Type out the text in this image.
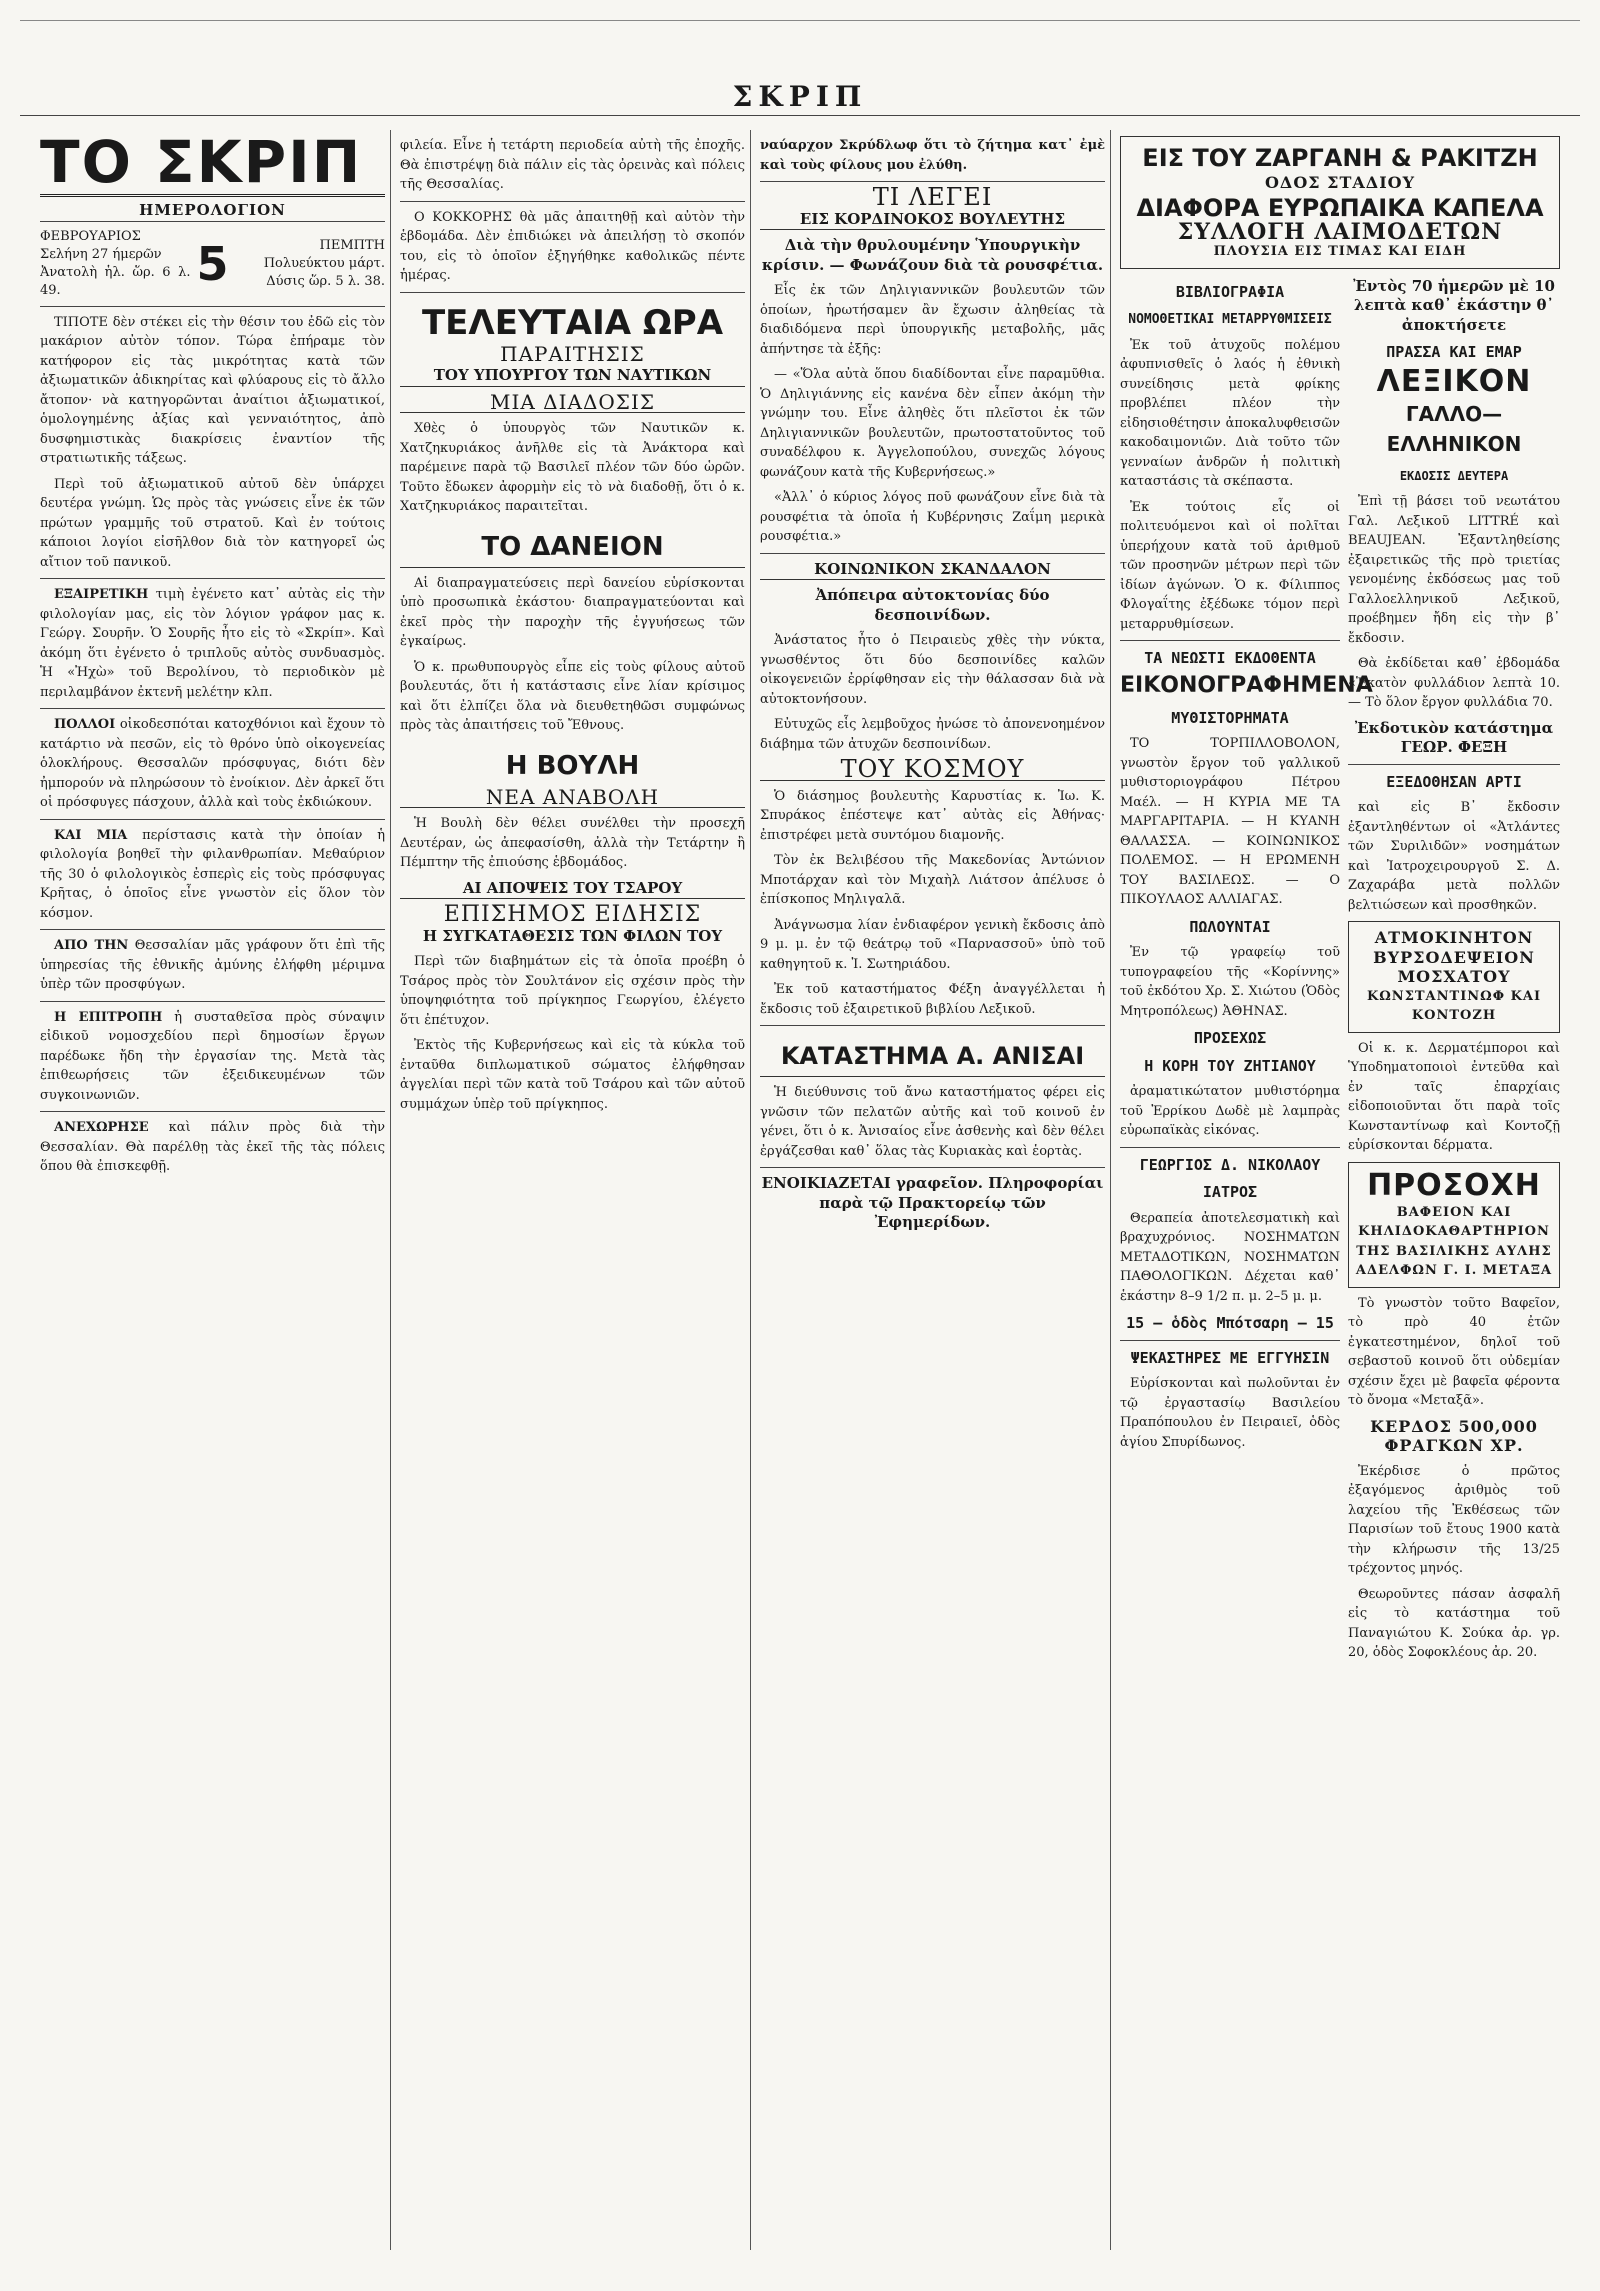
ΣΚΡΙΠ
ΤΟ ΣΚΡΙΠ
ΗΜΕΡΟΛΟΓΙΟΝ
ΦΕΒΡΟΥΑΡΙΟΣ
Σελήνη 27 ήμερῶν
Ἀνατολὴ ἡλ. ὥρ. 6 λ. 49.	5	ΠΕΜΠΤΗ
Πολυεύκτου μάρτ.
Δύσις ὥρ. 5 λ. 38.

ΤΙΠΟΤΕ δὲν στέκει εἰς τὴν θέσιν του ἐδῶ εἰς τὸν μακάριον αὐτὸν τόπον. Τώρα ἐπήραμε τὸν κατήφορον εἰς τὰς μικρότητας κατὰ τῶν ἀξιωματικῶν ἀδικηρίτας καὶ φλύαρους εἰς τὸ ἄλλο ἄτοπον· νὰ κατηγορῶνται ἀναίτιοι ἀξιωματικοί, ὁμολογημένης ἀξίας καὶ γενναιότητος, ἀπὸ δυσφημιστικὰς διακρίσεις ἐναντίον τῆς στρατιωτικῆς τάξεως.

Περὶ τοῦ ἀξιωματικοῦ αὐτοῦ δὲν ὑπάρχει δευτέρα γνώμη. Ὡς πρὸς τὰς γνώσεις εἶνε ἐκ τῶν πρώτων γραμμῆς τοῦ στρατοῦ. Καὶ ἐν τούτοις κάποιοι λογίοι εἰσῆλθον διὰ τὸν κατηγορεῖ ὡς αἴτιον τοῦ πανικοῦ.

ΕΞΑΙΡΕΤΙΚΗ τιμὴ ἐγένετο κατ᾽ αὐτὰς εἰς τὴν φιλολογίαν μας, εἰς τὸν λόγιον γράφον μας κ. Γεώργ. Σουρῆν. Ὁ Σουρῆς ἦτο εἰς τὸ «Σκρίπ». Καὶ ἀκόμη ὅτι ἐγένετο ὁ τριπλοῦς αὐτὸς συνδυασμὸς. Ἡ «Ἠχὼ» τοῦ Βερολίνου, τὸ περιοδικὸν μὲ περιλαμβάνον ἐκτενῆ μελέτην κλπ.

ΠΟΛΛΟΙ οἰκοδεσπόται κατοχθόνιοι καὶ ἔχουν τὸ κατάρτιο νὰ πεσῶν, εἰς τὸ θρόνο ὑπὸ οἰκογενείας ὁλοκλήρους. Θεσσαλῶν πρόσφυγας, διότι δὲν ἠμπορούν νὰ πληρώσουν τὸ ἐνοίκιον. Δὲν ἀρκεῖ ὅτι οἱ πρόσφυγες πάσχουν, ἀλλὰ καὶ τοὺς ἐκδιώκουν.

ΚΑΙ ΜΙΑ περίστασις κατὰ τὴν ὁποίαν ἡ φιλολογία βοηθεῖ τὴν φιλανθρωπίαν. Μεθαύριον τῆς 30 ὁ φιλολογικὸς ἐσπερὶς εἰς τοὺς πρόσφυγας Κρῆτας, ὁ ὁποῖος εἶνε γνωστὸν εἰς ὅλον τὸν κόσμον.

ΑΠΟ ΤΗΝ Θεσσαλίαν μᾶς γράφουν ὅτι ἐπὶ τῆς ὑπηρεσίας τῆς ἐθνικῆς ἀμύνης ἐλήφθη μέριμνα ὑπὲρ τῶν προσφύγων.

Η ΕΠΙΤΡΟΠΗ ἡ συσταθεῖσα πρὸς σύναψιν εἰδικοῦ νομοσχεδίου περὶ δημοσίων ἔργων παρέδωκε ἤδη τὴν ἐργασίαν της. Μετὰ τὰς ἐπιθεωρήσεις τῶν ἐξειδικευμένων τῶν συγκοινωνιῶν.

ΑΝΕΧΩΡΗΣΕ καὶ πάλιν πρὸς διὰ τὴν Θεσσαλίαν. Θὰ παρέλθῃ τὰς ἐκεῖ τῆς τὰς πόλεις ὅπου θὰ ἐπισκεφθῇ.

φιλεία. Εἶνε ἡ τετάρτη περιοδεία αὐτὴ τῆς ἐποχῆς. Θὰ ἐπιστρέψῃ διὰ πάλιν εἰς τὰς ὀρεινὰς καὶ πόλεις τῆς Θεσσαλίας.

Ο ΚΟΚΚΟΡΗΣ θὰ μᾶς ἀπαιτηθῇ καὶ αὐτὸν τὴν ἑβδομάδα. Δὲν ἐπιδιώκει νὰ ἀπειλήσῃ τὸ σκοπόν του, εἰς τὸ ὁποῖον ἐξηγήθηκε καθολικῶς πέντε ἡμέρας.

ΤΕΛΕΥΤΑΙΑ ΩΡΑ
ΠΑΡΑΙΤΗΣΙΣ
ΤΟΥ ΥΠΟΥΡΓΟΥ ΤΩΝ ΝΑΥΤΙΚΩΝ
ΜΙΑ ΔΙΑΔΟΣΙΣ

Χθὲς ὁ ὑπουργὸς τῶν Ναυτικῶν κ. Χατζηκυριάκος ἀνῆλθε εἰς τὰ Ἀνάκτορα καὶ παρέμεινε παρὰ τῷ Βασιλεῖ πλέον τῶν δύο ὡρῶν. Τοῦτο ἔδωκεν ἀφορμὴν εἰς τὸ νὰ διαδοθῇ, ὅτι ὁ κ. Χατζηκυριάκος παραιτεῖται.

ΤΟ ΔΑΝΕΙΟΝ

Αἱ διαπραγματεύσεις περὶ δανείου εὑρίσκονται ὑπὸ προσωπικὰ ἐκάστου· διαπραγματεύονται καὶ ἐκεῖ πρὸς τὴν παροχὴν τῆς ἐγγυήσεως τῶν ἐγκαίρως.

Ὁ κ. πρωθυπουργὸς εἶπε εἰς τοὺς φίλους αὐτοῦ βουλευτάς, ὅτι ἡ κατάστασις εἶνε λίαν κρίσιμος καὶ ὅτι ἐλπίζει ὅλα νὰ διευθετηθῶσι συμφώνως πρὸς τὰς ἀπαιτήσεις τοῦ Ἔθνους.

Η ΒΟΥΛΗ
ΝΕΑ ΑΝΑΒΟΛΗ

Ἡ Βουλὴ δὲν θέλει συνέλθει τὴν προσεχῆ Δευτέραν, ὡς ἀπεφασίσθη, ἀλλὰ τὴν Τετάρτην ἢ Πέμπτην τῆς ἐπιούσης ἑβδομάδος.

ΑΙ ΑΠΟΨΕΙΣ ΤΟΥ ΤΣΑΡΟΥ
ΕΠΙΣΗΜΟΣ ΕΙΔΗΣΙΣ
Η ΣΥΓΚΑΤΑΘΕΣΙΣ ΤΩΝ ΦΙΛΩΝ ΤΟΥ

Περὶ τῶν διαβημάτων εἰς τὰ ὁποῖα προέβη ὁ Τσάρος πρὸς τὸν Σουλτάνον εἰς σχέσιν πρὸς τὴν ὑποψηφιότητα τοῦ πρίγκηπος Γεωργίου, ἐλέγετο ὅτι ἐπέτυχον.

Ἐκτὸς τῆς Κυβερνήσεως καὶ εἰς τὰ κύκλα τοῦ ἐνταῦθα διπλωματικοῦ σώματος ἐλήφθησαν ἀγγελίαι περὶ τῶν κατὰ τοῦ Τσάρου καὶ τῶν αὐτοῦ συμμάχων ὑπὲρ τοῦ πρίγκηπος.

ναύαρχον Σκρύδλωφ ὅτι τὸ ζήτημα κατ᾽ ἐμὲ καὶ τοὺς φίλους μου ἐλύθη.

ΤΙ ΛΕΓΕΙ
ΕΙΣ ΚΟΡΔΙΝΟΚΟΣ ΒΟΥΛΕΥΤΗΣ
Διὰ τὴν θρυλουμένην Ὑπουργικὴν κρίσιν. — Φωνάζουν διὰ τὰ ρουσφέτια.

Εἷς ἐκ τῶν Δηλιγιαννικῶν βουλευτῶν τῶν ὁποίων, ἠρωτήσαμεν ἂν ἔχωσιν ἀληθείας τὰ διαδιδόμενα περὶ ὑπουργικῆς μεταβολῆς, μᾶς ἀπήντησε τὰ ἑξῆς:

— «Ὅλα αὐτὰ ὅπου διαδίδονται εἶνε παραμῦθια. Ὁ Δηλιγιάννης εἰς κανένα δὲν εἶπεν ἀκόμη τὴν γνώμην του. Εἶνε ἀληθὲς ὅτι πλεῖστοι ἐκ τῶν Δηλιγιαννικῶν βουλευτῶν, πρωτοστατοῦντος τοῦ συναδέλφου κ. Ἀγγελοπούλου, συνεχῶς λόγους φωνάζουν κατὰ τῆς Κυβερνήσεως.»

«Ἀλλ᾽ ὁ κύριος λόγος ποῦ φωνάζουν εἶνε διὰ τὰ ρουσφέτια τὰ ὁποῖα ἡ Κυβέρνησις Ζαΐμη μερικὰ ρουσφέτια.»

ΚΟΙΝΩΝΙΚΟΝ ΣΚΑΝΔΑΛΟΝ
Ἀπόπειρα αὐτοκτονίας δύο δεσποινίδων.

Ἀνάστατος ἦτο ὁ Πειραιεὺς χθὲς τὴν νύκτα, γνωσθέντος ὅτι δύο δεσποινίδες καλῶν οἰκογενειῶν ἐρρίφθησαν εἰς τὴν θάλασσαν διὰ νὰ αὐτοκτονήσουν.

Εὐτυχῶς εἷς λεμβοῦχος ἠνώσε τὸ ἀπονενοημένον διάβημα τῶν ἀτυχῶν δεσποινίδων.

ΤΟΥ ΚΟΣΜΟΥ

Ὁ διάσημος βουλευτὴς Καρυστίας κ. Ἰω. Κ. Σπυράκος ἐπέστεψε κατ᾽ αὐτὰς εἰς Ἀθήνας· ἐπιστρέφει μετὰ συντόμου διαμονῆς.

Τὸν ἐκ Βελιβέσου τῆς Μακεδονίας Ἀντώνιον Μποτάρχαν καὶ τὸν Μιχαὴλ Λιάτσον ἀπέλυσε ὁ ἐπίσκοπος Μηλιγαλᾶ.

Ἀνάγνωσμα λίαν ἐνδιαφέρον γενικὴ ἔκδοσις ἀπὸ 9 μ. μ. ἐν τῷ θεάτρῳ τοῦ «Παρνασσοῦ» ὑπὸ τοῦ καθηγητοῦ κ. Ἰ. Σωτηριάδου.

Ἐκ τοῦ καταστήματος Φέξη ἀναγγέλλεται ἡ ἔκδοσις τοῦ ἐξαιρετικοῦ βιβλίου Λεξικοῦ.

ΚΑΤΑΣΤΗΜΑ Α. ΑΝΙΣΑΙ

Ἡ διεύθυνσις τοῦ ἄνω καταστήματος φέρει εἰς γνῶσιν τῶν πελατῶν αὐτῆς καὶ τοῦ κοινοῦ ἐν γένει, ὅτι ὁ κ. Ἀνισαίος εἶνε ἀσθενὴς καὶ δὲν θέλει ἐργάζεσθαι καθ᾽ ὅλας τὰς Κυριακὰς καὶ ἑορτὰς.

ΕΝΟΙΚΙΑΖΕΤΑΙ γραφεῖον. Πληροφορίαι παρὰ τῷ Πρακτορείῳ τῶν Ἐφημερίδων.
ΕΙΣ ΤΟΥ ΖΑΡΓΑΝΗ & ΡΑΚΙΤΖΗ
ΟΔΟΣ ΣΤΑΔΙΟΥ
ΔΙΑΦΟΡΑ ΕΥΡΩΠΑΙΚΑ ΚΑΠΕΛΑ
ΣΥΛΛΟΓΗ ΛΑΙΜΟΔΕΤΩΝ
ΠΛΟΥΣΙΑ ΕΙΣ ΤΙΜΑΣ ΚΑΙ ΕΙΔΗ
ΒΙΒΛΙΟΓΡΑΦΙΑ
ΝΟΜΟΘΕΤΙΚΑΙ ΜΕΤΑΡΡΥΘΜΙΣΕΙΣ

Ἐκ τοῦ ἀτυχοῦς πολέμου ἀφυπνισθεῖς ὁ λαός ἡ ἐθνικὴ συνείδησις μετὰ φρίκης προβλέπει πλέον τὴν εἰδησιοθέτησιν ἀποκαλυφθεισῶν κακοδαιμονιῶν. Διὰ τοῦτο τῶν γενναίων ἀνδρῶν ἡ πολιτικὴ καταστάσις τὰ σκέπαστα.

Ἐκ τούτοις εἷς οἱ πολιτευόμενοι καὶ οἱ πολῖται ὑπερήχουν κατὰ τοῦ ἀριθμοῦ τῶν προσηνῶν μέτρων περὶ τῶν ἰδίων ἀγώνων. Ὁ κ. Φίλιππος Φλογαΐτης ἐξέδωκε τόμον περὶ μεταρρυθμίσεων.

ΤΑ ΝΕΩΣΤΙ ΕΚΔΟΘΕΝΤΑ
ΕΙΚΟΝΟΓΡΑΦΗΜΕΝΑ
ΜΥΘΙΣΤΟΡΗΜΑΤΑ

ΤΟ ΤΟΡΠΙΛΛΟΒΟΛΟΝ, γνωστὸν ἔργον τοῦ γαλλικοῦ μυθιστοριογράφου Πέτρου Μαέλ. — Η ΚΥΡΙΑ ΜΕ ΤΑ ΜΑΡΓΑΡΙΤΑΡΙΑ. — Η ΚΥΑΝΗ ΘΑΛΑΣΣΑ. — ΚΟΙΝΩΝΙΚΟΣ ΠΟΛΕΜΟΣ. — Η ΕΡΩΜΕΝΗ ΤΟΥ ΒΑΣΙΛΕΩΣ. — Ο ΠΙΚΟΥΛΑΟΣ ΑΛΛΙΑΓΑΣ.

ΠΩΛΟΥΝΤΑΙ

Ἐν τῷ γραφείῳ τοῦ τυπογραφείου τῆς «Κορίννης» τοῦ ἐκδότου Χρ. Σ. Χιώτου (Ὁδὸς Μητροπόλεως) ἈΘΗΝΑΣ.

ΠΡΟΣΕΧΩΣ
Η ΚΟΡΗ ΤΟΥ ΖΗΤΙΑΝΟΥ

ἀραματικώτατον μυθιστόρημα τοῦ Ἐρρίκου Δωδὲ μὲ λαμπρὰς εὐρωπαϊκὰς εἰκόνας.

ΓΕΩΡΓΙΟΣ Δ. ΝΙΚΟΛΑΟΥ
ΙΑΤΡΟΣ

Θεραπεία ἀποτελεσματικὴ καὶ βραχυχρόνιος. ΝΟΣΗΜΑΤΩΝ ΜΕΤΑΔΟΤΙΚΩΝ, ΝΟΣΗΜΑΤΩΝ ΠΑΘΟΛΟΓΙΚΩΝ. Δέχεται καθ᾽ ἑκάστην 8–9 1/2 π. μ. 2–5 μ. μ.

15 — ὁδὸς Μπότσαρη — 15
ΨΕΚΑΣΤΗΡΕΣ ΜΕ ΕΓΓΥΗΣΙΝ

Εὑρίσκονται καὶ πωλοῦνται ἐν τῷ ἐργαστασίῳ Βασιλείου Πραπόπουλου ἐν Πειραιεῖ, ὁδὸς ἁγίου Σπυρίδωνος.

Ἐντὸς 70 ἡμερῶν μὲ 10 λεπτὰ καθ᾽ ἑκάστην θ᾽ ἀποκτήσετε
ΠΡΑΣΣΑ ΚΑΙ ΕΜΑΡ
ΛΕΞΙΚΟΝ
ΓΑΛΛΟ—ΕΛΛΗΝΙΚΟΝ
ΕΚΔΟΣΙΣ ΔΕΥΤΕΡΑ

Ἐπὶ τῇ βάσει τοῦ νεωτάτου Γαλ. Λεξικοῦ LITTRÉ καὶ BEAUJEAN. Ἐξαντληθείσης ἐξαιρετικῶς τῆς πρὸ τριετίας γενομένης ἐκδόσεως μας τοῦ Γαλλοελληνικοῦ Λεξικοῦ, προέβημεν ἤδη εἰς τὴν β᾽ ἔκδοσιν.

Θὰ ἐκδίδεται καθ᾽ ἑβδομάδα «Ἑκατὸν φυλλάδιον λεπτὰ 10. — Τὸ ὅλον ἔργον φυλλάδια 70.

Ἐκδοτικὸν κατάστημα ΓΕΩΡ. ΦΕΞΗ
ΕΞΕΔΟΘΗΣΑΝ ΑΡΤΙ

καὶ εἰς Β᾽ ἔκδοσιν ἐξαντληθέντων οἱ «Ἀτλάντες τῶν Συριλιδῶν» νοσημάτων καὶ Ἰατροχειρουργοῦ Σ. Δ. Ζαχαράβα μετὰ πολλῶν βελτιώσεων καὶ προσθηκῶν.

ΑΤΜΟΚΙΝΗΤΟΝ ΒΥΡΣΟΔΕΨΕΙΟΝ
ΜΟΣΧΑΤΟΥ
ΚΩΝΣΤΑΝΤΙΝΩΦ ΚΑΙ ΚΟΝΤΟΖΗ

Οἱ κ. κ. Δερματέμποροι καὶ Ὑποδηματοποιοὶ ἐντεῦθα καὶ ἐν ταῖς ἐπαρχίαις εἰδοποιοῦνται ὅτι παρὰ τοῖς Κωνσταντίνωφ καὶ Κοντοζῇ εὑρίσκονται δέρματα.

ΠΡΟΣΟΧΗ
ΒΑΦΕΙΟΝ ΚΑΙ ΚΗΛΙΔΟΚΑΘΑΡΤΗΡΙΟΝ
ΤΗΣ ΒΑΣΙΛΙΚΗΣ ΑΥΛΗΣ
ΑΔΕΛΦΩΝ Γ. Ι. ΜΕΤΑΞΑ

Τὸ γνωστὸν τοῦτο Βαφεῖον, τὸ πρὸ 40 ἐτῶν ἐγκατεστημένον, δηλοῖ τοῦ σεβαστοῦ κοινοῦ ὅτι οὐδεμίαν σχέσιν ἔχει μὲ βαφεῖα φέροντα τὸ ὄνομα «Μεταξᾶ».

ΚΕΡΔΟΣ 500,000 ΦΡΑΓΚΩΝ ΧΡ.

Ἐκέρδισε ὁ πρῶτος ἐξαγόμενος ἀριθμὸς τοῦ λαχείου τῆς Ἐκθέσεως τῶν Παρισίων τοῦ ἔτους 1900 κατὰ τὴν κλήρωσιν τῆς 13/25 τρέχοντος μηνός.

Θεωροῦντες πάσαν ἀσφαλῆ εἰς τὸ κατάστημα τοῦ Παναγιώτου Κ. Σούκα ἀρ. γρ. 20, ὁδὸς Σοφοκλέους ἀρ. 20.
